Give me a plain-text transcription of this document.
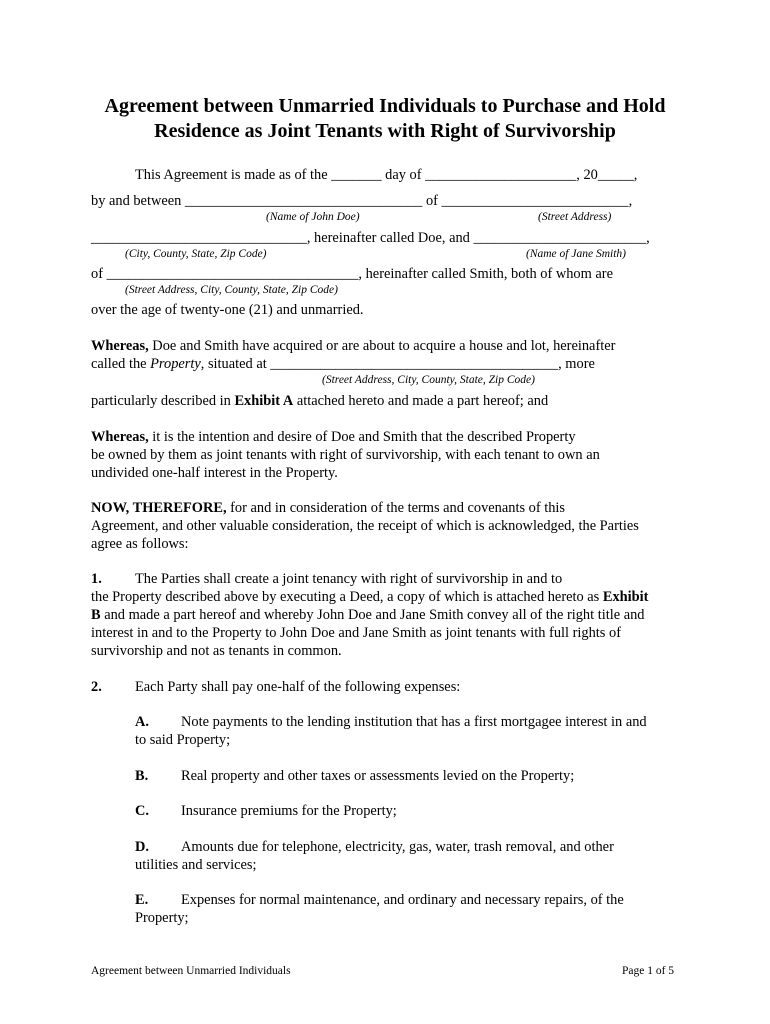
Agreement between Unmarried Individuals to Purchase and Hold
Residence as Joint Tenants with Right of Survivorship
This Agreement is made as of the _______ day of _____________________, 20_____,
by and between _________________________________ of __________________________,
(Name of John Doe)	(Street Address)
______________________________, hereinafter called Doe, and ________________________,
(City, County, State, Zip Code)	(Name of Jane Smith)
of ___________________________________, hereinafter called Smith, both of whom are
(Street Address, City, County, State, Zip Code)
over the age of twenty-one (21) and unmarried.
Whereas, Doe and Smith have acquired or are about to acquire a house and lot, hereinafter
called the Property, situated at ________________________________________, more
(Street Address, City, County, State, Zip Code)
particularly described in Exhibit A attached hereto and made a part hereof; and
Whereas, it is the intention and desire of Doe and Smith that the described Property
be owned by them as joint tenants with right of survivorship, with each tenant to own an
undivided one-half interest in the Property.
NOW, THEREFORE, for and in consideration of the terms and covenants of this
Agreement, and other valuable consideration, the receipt of which is acknowledged, the Parties
agree as follows:
1. The Parties shall create a joint tenancy with right of survivorship in and to
the Property described above by executing a Deed, a copy of which is attached hereto as Exhibit
B and made a part hereof and whereby John Doe and Jane Smith convey all of the right title and
interest in and to the Property to John Doe and Jane Smith as joint tenants with full rights of
survivorship and not as tenants in common.
2. Each Party shall pay one-half of the following expenses:
A. Note payments to the lending institution that has a first mortgagee interest in and
to said Property;
B. Real property and other taxes or assessments levied on the Property;
C. Insurance premiums for the Property;
D. Amounts due for telephone, electricity, gas, water, trash removal, and other
utilities and services;
E. Expenses for normal maintenance, and ordinary and necessary repairs, of the
Property;
Agreement between Unmarried Individuals	Page 1 of 5
